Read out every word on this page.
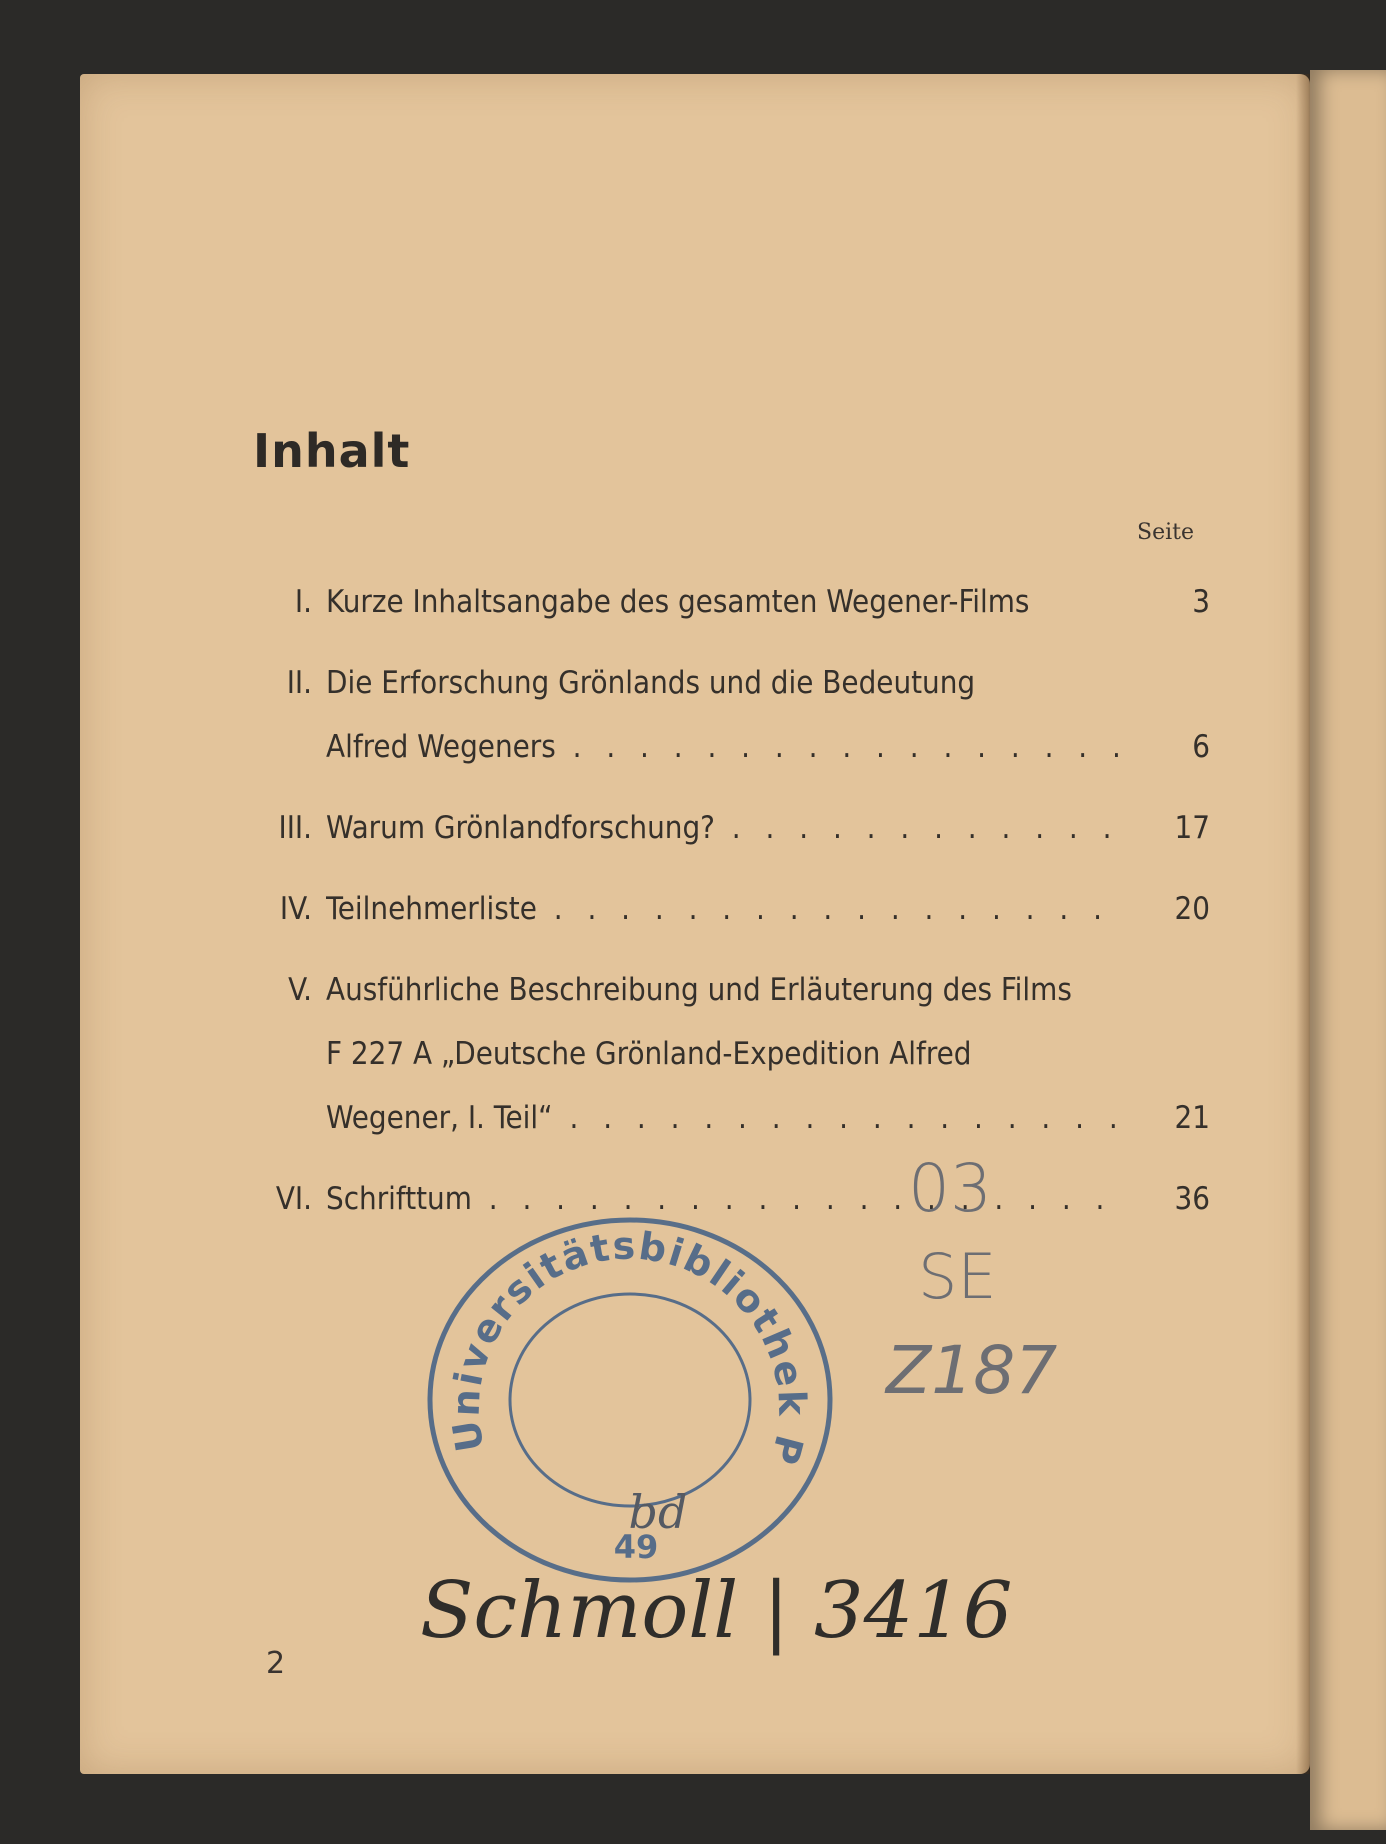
Inhalt
Seite
I. Kurze Inhaltsangabe des gesamten Wegener-Films	3
II. Die Erforschung Grönlands und die Bedeutung
Alfred Wegeners . . .	6
III. Warum Grönlandforschung? . . .	17
IV. Teilnehmerliste . . .	20
V. Ausführliche Beschreibung und Erläuterung des Films
F 227 A „Deutsche Grönland-Expedition Alfred
Wegener, I. Teil“ . . .	21
VI. Schrifttum . . .	36
Universitätsbibliothek P
49
bd
03
SE
Z187
Schmoll | 3416
2
